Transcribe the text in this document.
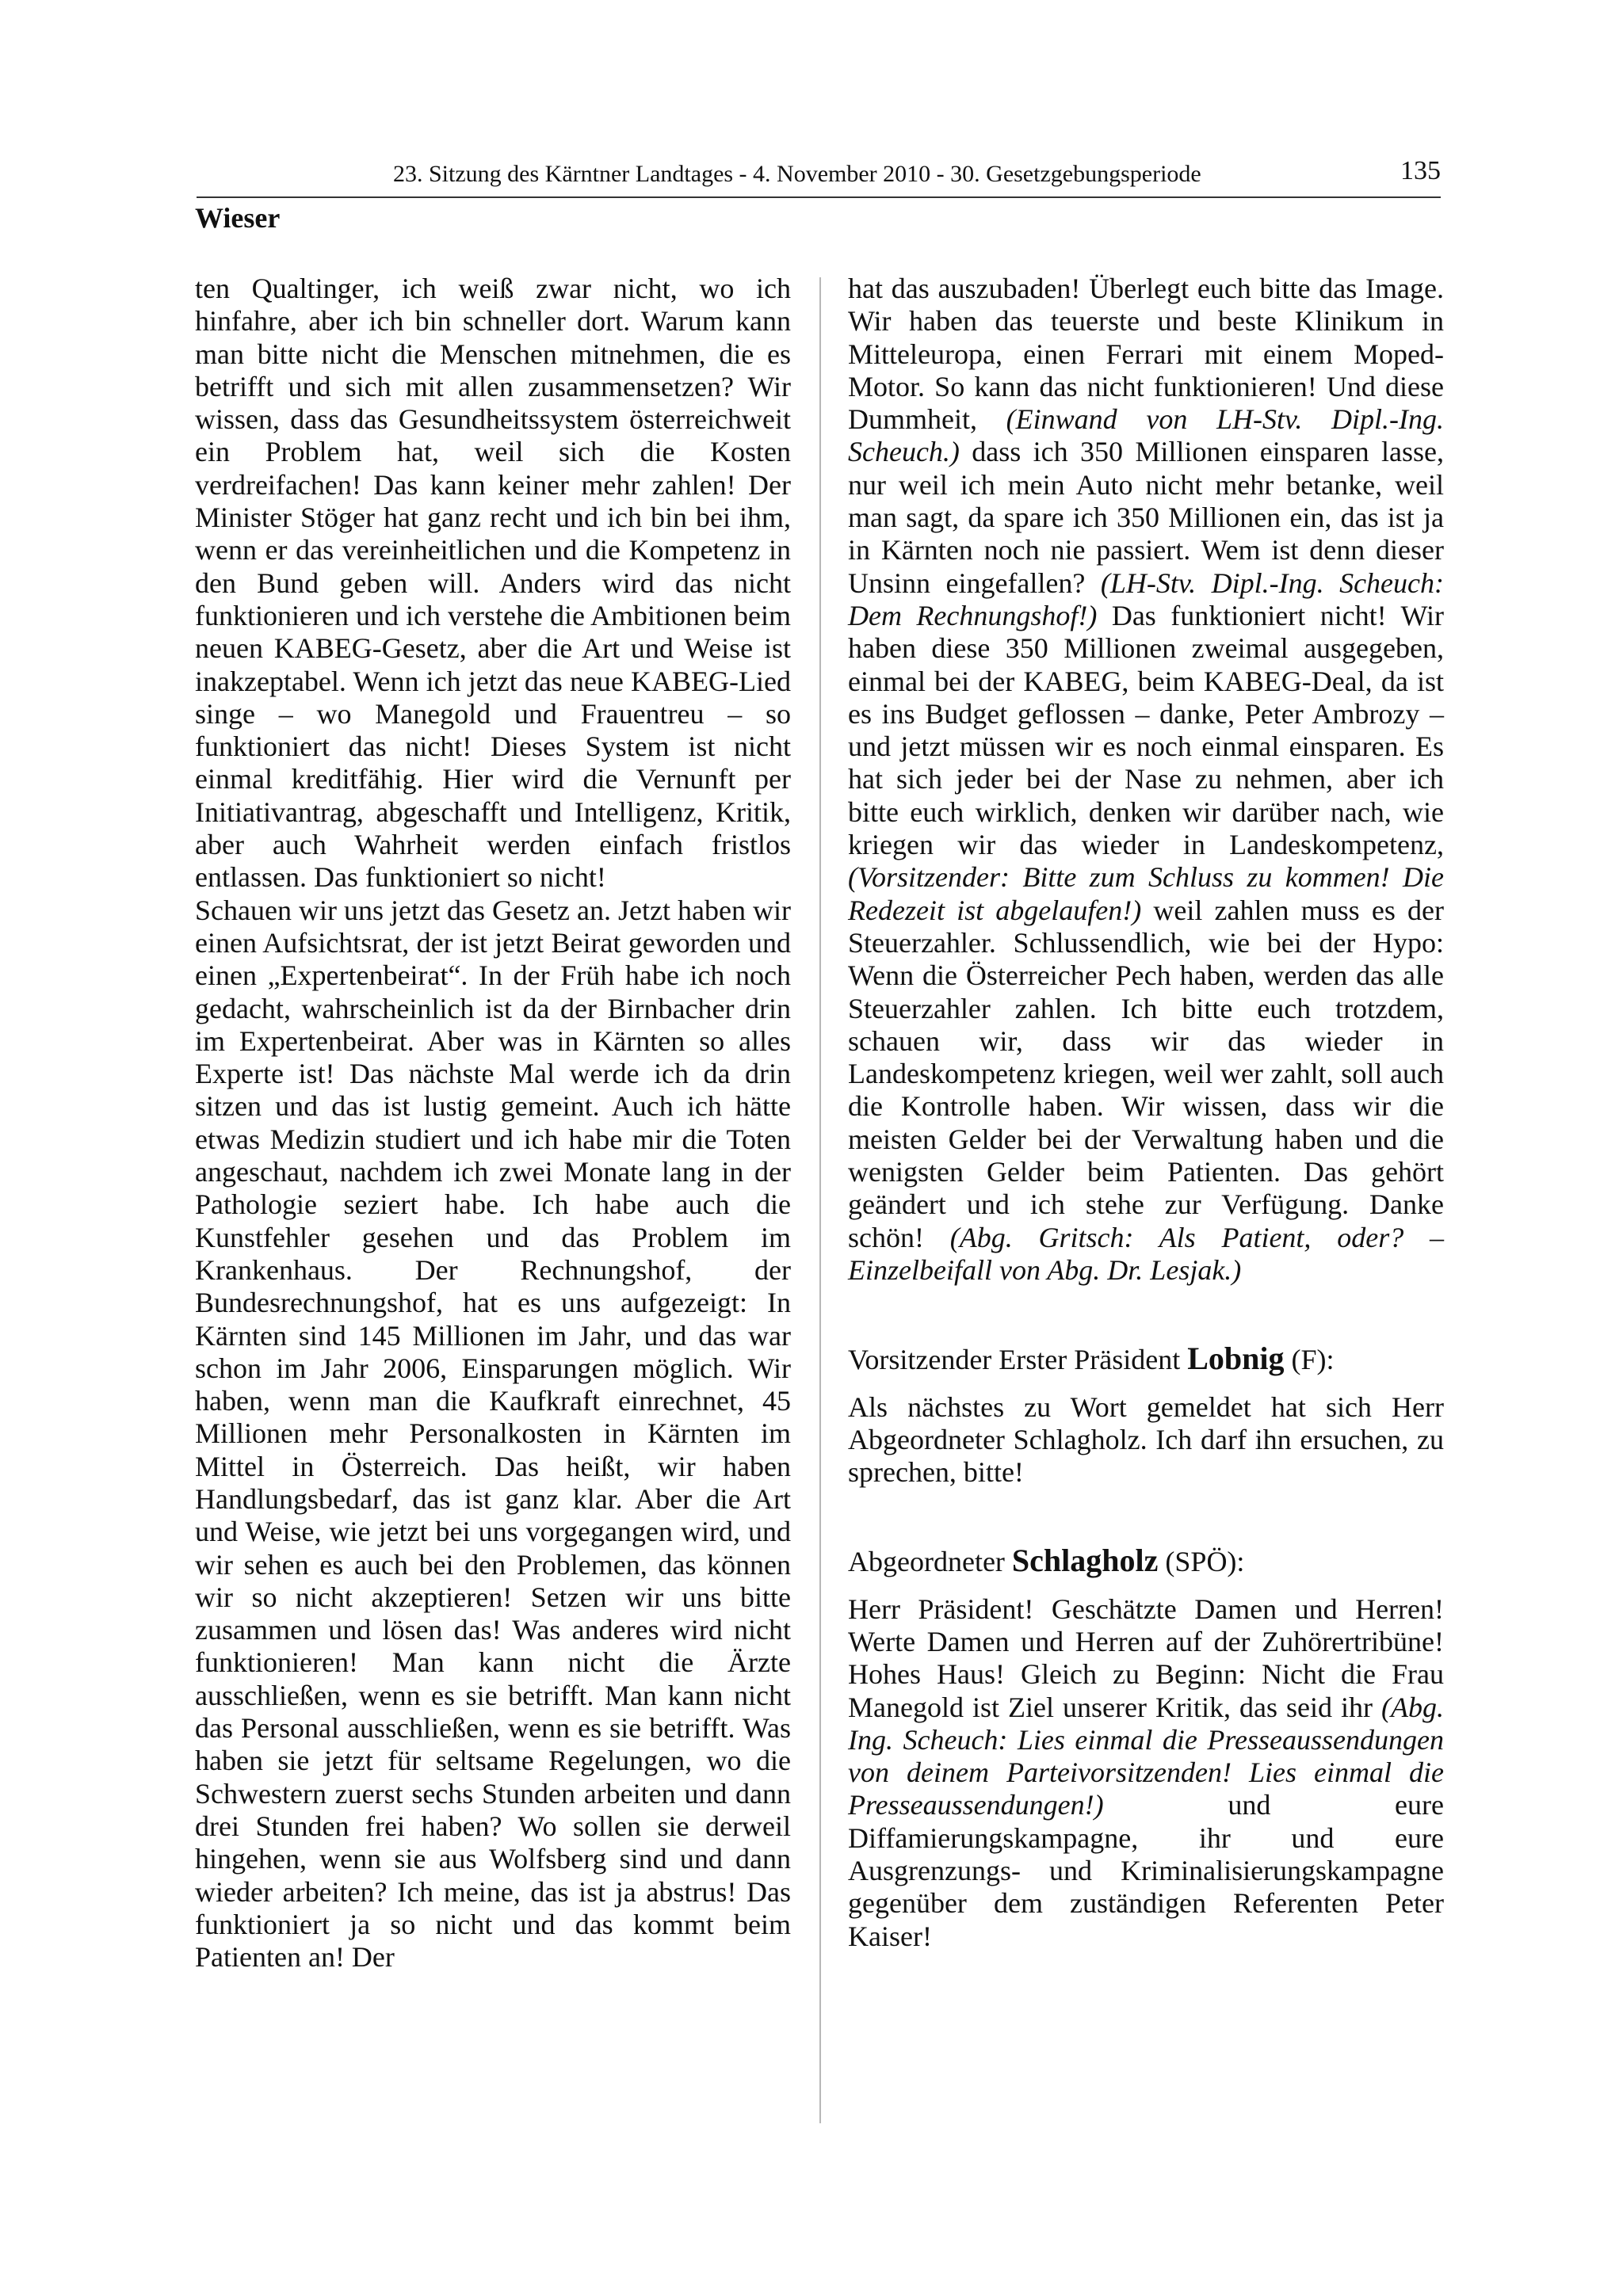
23. Sitzung des Kärntner Landtages - 4. November 2010 - 30. Gesetzgebungsperiode	135
Wieser

ten Qualtinger, ich weiß zwar nicht, wo ich hinfahre, aber ich bin schneller dort. Warum kann man bitte nicht die Menschen mitnehmen, die es betrifft und sich mit allen zusammensetzen? Wir wissen, dass das Gesundheitssystem österreichweit ein Problem hat, weil sich die Kosten verdreifachen! Das kann keiner mehr zahlen! Der Minister Stöger hat ganz recht und ich bin bei ihm, wenn er das vereinheitlichen und die Kompetenz in den Bund geben will. Anders wird das nicht funktionieren und ich verstehe die Ambitionen beim neuen KABEG-Gesetz, aber die Art und Weise ist inakzeptabel. Wenn ich jetzt das neue KABEG-Lied singe – wo Manegold und Frauentreu – so funktioniert das nicht! Dieses System ist nicht einmal kreditfähig. Hier wird die Vernunft per Initiativantrag, abgeschafft und Intelligenz, Kritik, aber auch Wahrheit werden einfach fristlos entlassen. Das funktioniert so nicht!

Schauen wir uns jetzt das Gesetz an. Jetzt haben wir einen Aufsichtsrat, der ist jetzt Beirat geworden und einen „Expertenbeirat“. In der Früh habe ich noch gedacht, wahrscheinlich ist da der Birnbacher drin im Expertenbeirat. Aber was in Kärnten so alles Experte ist! Das nächste Mal werde ich da drin sitzen und das ist lustig gemeint. Auch ich hätte etwas Medizin studiert und ich habe mir die Toten angeschaut, nachdem ich zwei Monate lang in der Pathologie seziert habe. Ich habe auch die Kunstfehler gesehen und das Problem im Krankenhaus. Der Rechnungshof, der Bundesrechnungshof, hat es uns aufgezeigt: In Kärnten sind 145 Millionen im Jahr, und das war schon im Jahr 2006, Einsparungen möglich. Wir haben, wenn man die Kaufkraft einrechnet, 45 Millionen mehr Personalkosten in Kärnten im Mittel in Österreich. Das heißt, wir haben Handlungsbedarf, das ist ganz klar. Aber die Art und Weise, wie jetzt bei uns vorgegangen wird, und wir sehen es auch bei den Problemen, das können wir so nicht akzeptieren! Setzen wir uns bitte zusammen und lösen das! Was anderes wird nicht funktionieren! Man kann nicht die Ärzte ausschließen, wenn es sie betrifft. Man kann nicht das Personal ausschließen, wenn es sie betrifft. Was haben sie jetzt für seltsame Regelungen, wo die Schwestern zuerst sechs Stunden arbeiten und dann drei Stunden frei haben? Wo sollen sie derweil hingehen, wenn sie aus Wolfsberg sind und dann wieder arbeiten? Ich meine, das ist ja abstrus! Das funktioniert ja so nicht und das kommt beim Patienten an! Der

hat das auszubaden! Überlegt euch bitte das Image. Wir haben das teuerste und beste Klinikum in Mitteleuropa, einen Ferrari mit einem Moped-Motor. So kann das nicht funktionieren! Und diese Dummheit, (Einwand von LH-Stv. Dipl.-Ing. Scheuch.) dass ich 350 Millionen einsparen lasse, nur weil ich mein Auto nicht mehr betanke, weil man sagt, da spare ich 350 Millionen ein, das ist ja in Kärnten noch nie passiert. Wem ist denn dieser Unsinn eingefallen? (LH-Stv. Dipl.-Ing. Scheuch: Dem Rechnungshof!) Das funktioniert nicht! Wir haben diese 350 Millionen zweimal ausgegeben, einmal bei der KABEG, beim KABEG-Deal, da ist es ins Budget geflossen – danke, Peter Ambrozy – und jetzt müssen wir es noch einmal einsparen. Es hat sich jeder bei der Nase zu nehmen, aber ich bitte euch wirklich, denken wir darüber nach, wie kriegen wir das wieder in Landeskompetenz, (Vorsitzender: Bitte zum Schluss zu kommen! Die Redezeit ist abgelaufen!) weil zahlen muss es der Steuerzahler. Schlussendlich, wie bei der Hypo: Wenn die Österreicher Pech haben, werden das alle Steuerzahler zahlen. Ich bitte euch trotzdem, schauen wir, dass wir das wieder in Landeskompetenz kriegen, weil wer zahlt, soll auch die Kontrolle haben. Wir wissen, dass wir die meisten Gelder bei der Verwaltung haben und die wenigsten Gelder beim Patienten. Das gehört geändert und ich stehe zur Verfügung. Danke schön! (Abg. Gritsch: Als Patient, oder? – Einzelbeifall von Abg. Dr. Lesjak.)

Vorsitzender Erster Präsident Lobnig (F):

Als nächstes zu Wort gemeldet hat sich Herr Abgeordneter Schlagholz. Ich darf ihn ersuchen, zu sprechen, bitte!

Abgeordneter Schlagholz (SPÖ):

Herr Präsident! Geschätzte Damen und Herren! Werte Damen und Herren auf der Zuhörertribüne! Hohes Haus! Gleich zu Beginn: Nicht die Frau Manegold ist Ziel unserer Kritik, das seid ihr (Abg. Ing. Scheuch: Lies einmal die Presseaussendungen von deinem Parteivorsitzenden! Lies einmal die Presseaussendungen!) und eure Diffamierungskampagne, ihr und eure Ausgrenzungs- und Kriminalisierungskampagne gegenüber dem zuständigen Referenten Peter Kaiser!
